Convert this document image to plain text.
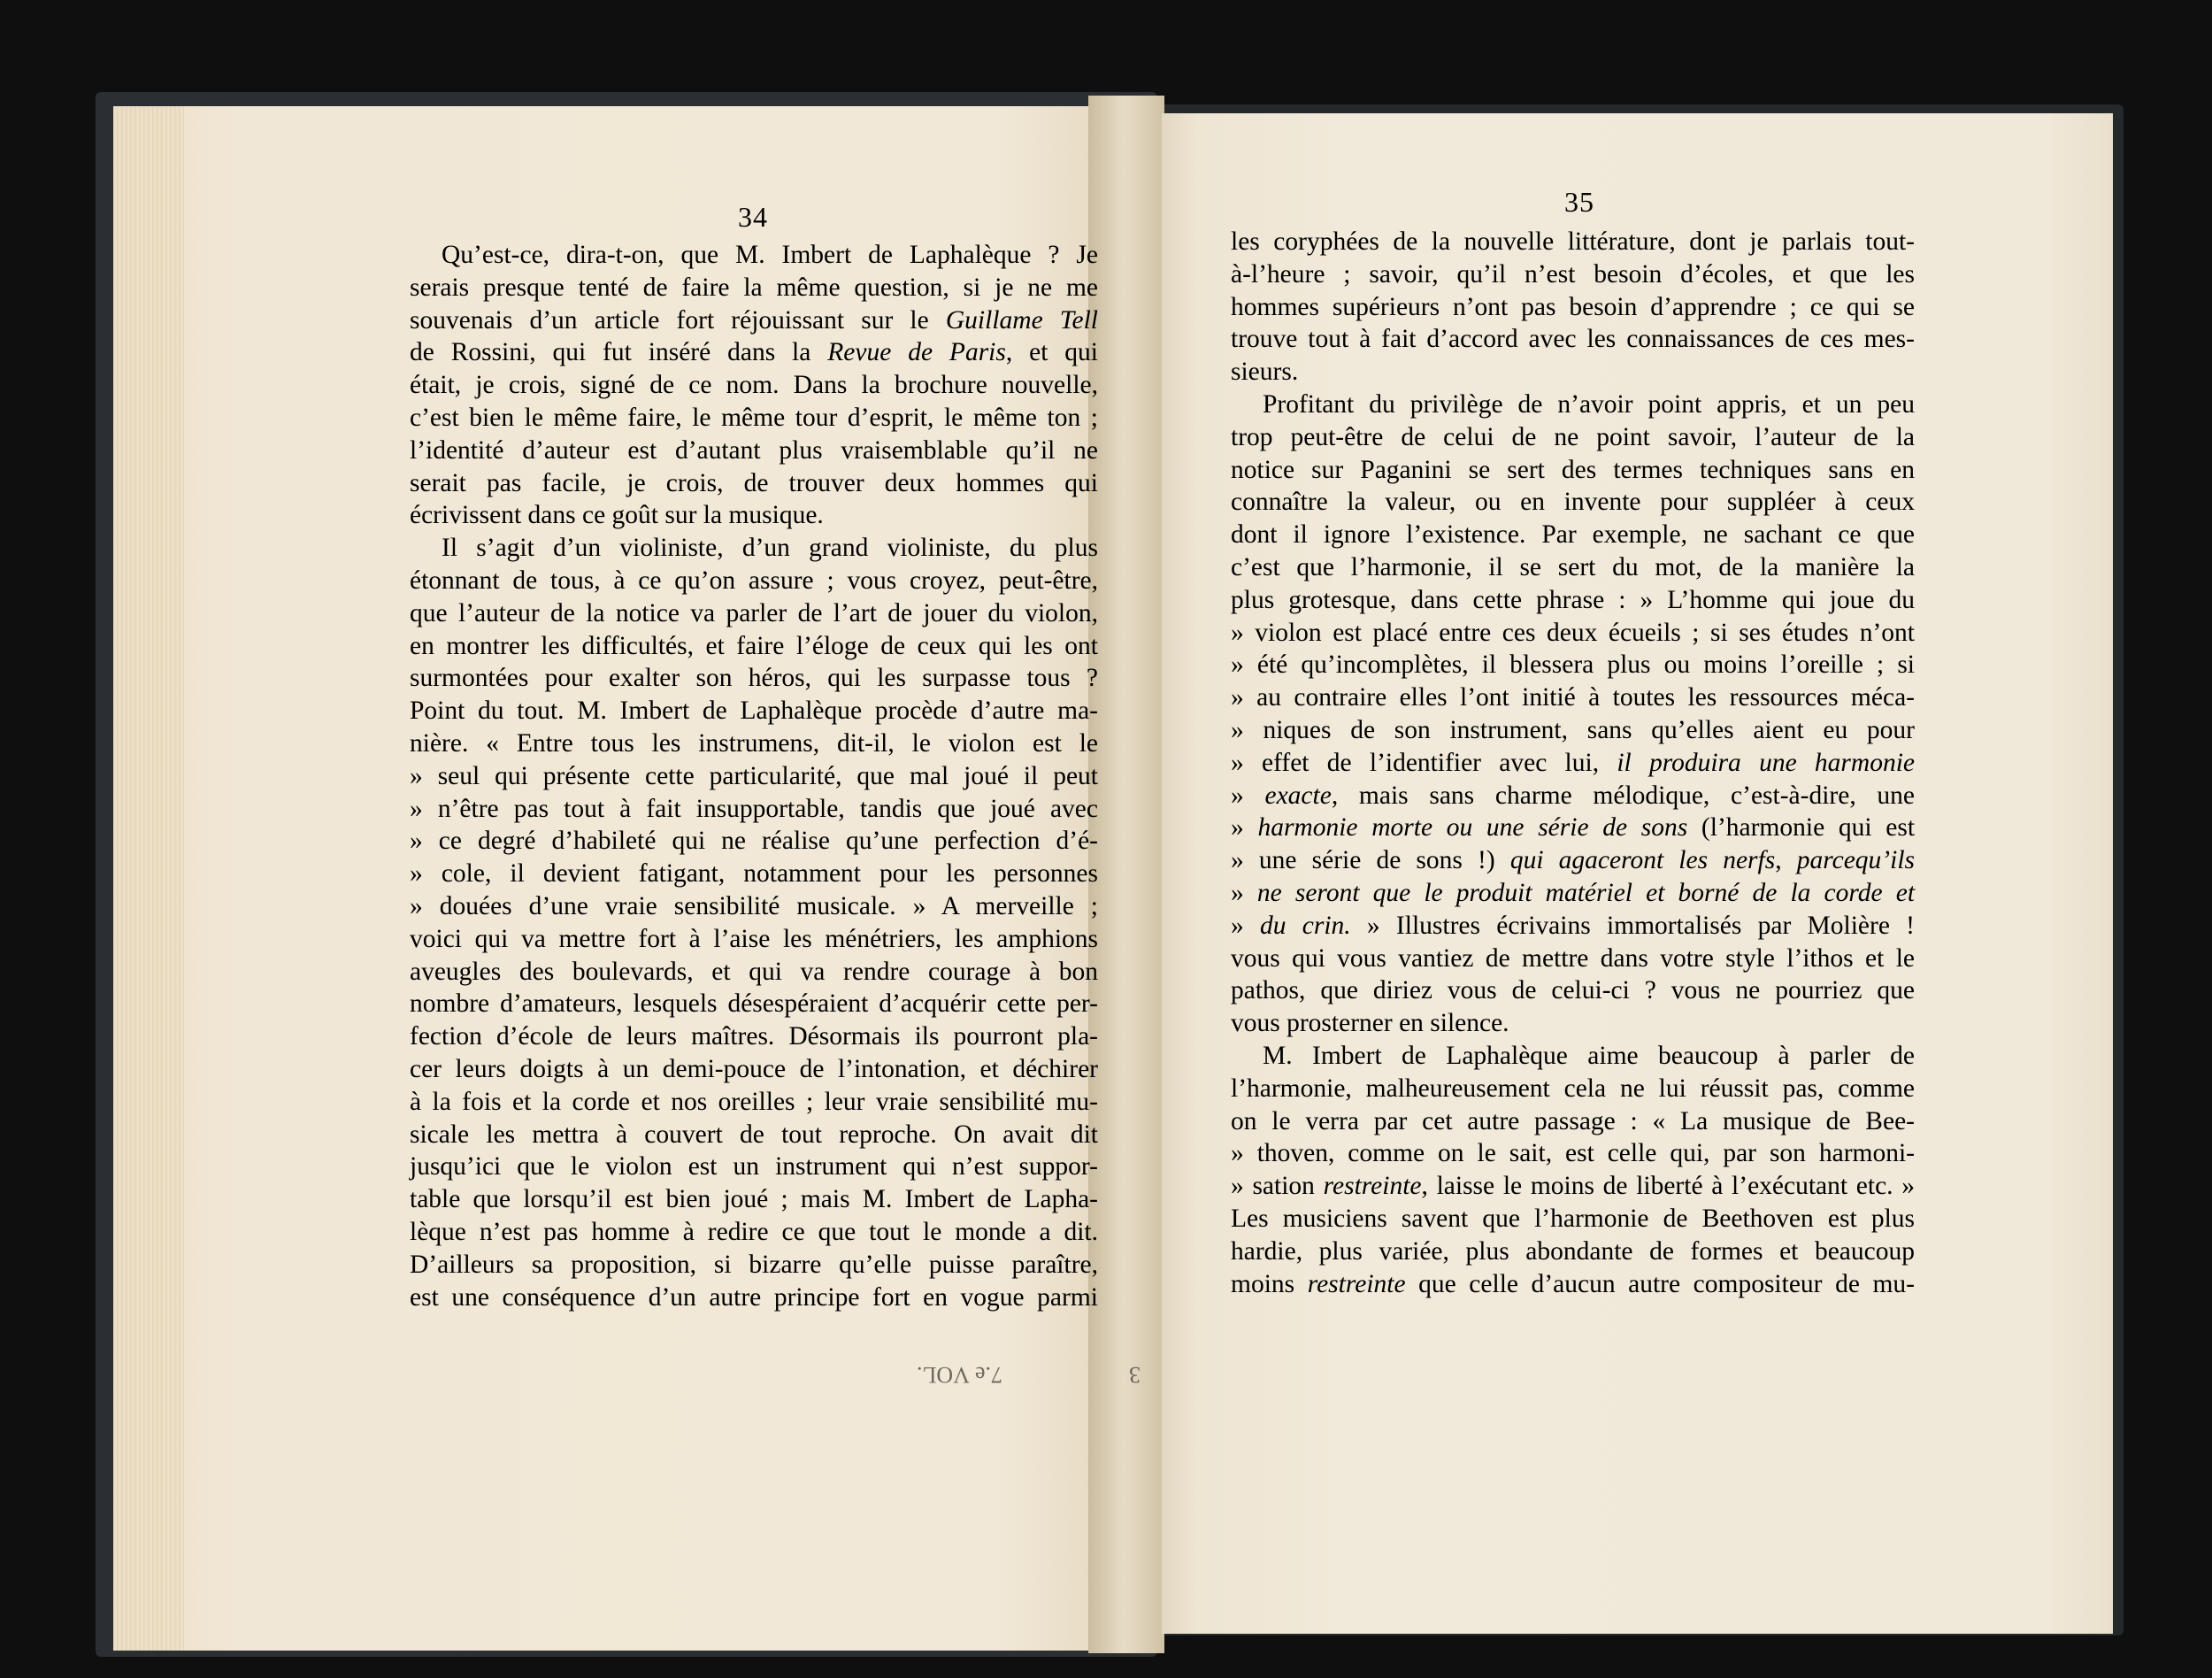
34	35
Qu’est-ce, dira-t-on, que M. Imbert de Laphalèque ? Je
serais presque tenté de faire la même question, si je ne me
souvenais d’un article fort réjouissant sur le Guillame Tell
de Rossini, qui fut inséré dans la Revue de Paris, et qui
était, je crois, signé de ce nom. Dans la brochure nouvelle,
c’est bien le même faire, le même tour d’esprit, le même ton ;
l’identité d’auteur est d’autant plus vraisemblable qu’il ne
serait pas facile, je crois, de trouver deux hommes qui
écrivissent dans ce goût sur la musique.
Il s’agit d’un violiniste, d’un grand violiniste, du plus
étonnant de tous, à ce qu’on assure ; vous croyez, peut-être,
que l’auteur de la notice va parler de l’art de jouer du violon,
en montrer les difficultés, et faire l’éloge de ceux qui les ont
surmontées pour exalter son héros, qui les surpasse tous ?
Point du tout. M. Imbert de Laphalèque procède d’autre ma-
nière. « Entre tous les instrumens, dit-il, le violon est le
» seul qui présente cette particularité, que mal joué il peut
» n’être pas tout à fait insupportable, tandis que joué avec
» ce degré d’habileté qui ne réalise qu’une perfection d’é-
» cole, il devient fatigant, notamment pour les personnes
» douées d’une vraie sensibilité musicale. » A merveille ;
voici qui va mettre fort à l’aise les ménétriers, les amphions
aveugles des boulevards, et qui va rendre courage à bon
nombre d’amateurs, lesquels désespéraient d’acquérir cette per-
fection d’école de leurs maîtres. Désormais ils pourront pla-
cer leurs doigts à un demi-pouce de l’intonation, et déchirer
à la fois et la corde et nos oreilles ; leur vraie sensibilité mu-
sicale les mettra à couvert de tout reproche. On avait dit
jusqu’ici que le violon est un instrument qui n’est suppor-
table que lorsqu’il est bien joué ; mais M. Imbert de Lapha-
lèque n’est pas homme à redire ce que tout le monde a dit.
D’ailleurs sa proposition, si bizarre qu’elle puisse paraître,
est une conséquence d’un autre principe fort en vogue parmi
les coryphées de la nouvelle littérature, dont je parlais tout-
à-l’heure ; savoir, qu’il n’est besoin d’écoles, et que les
hommes supérieurs n’ont pas besoin d’apprendre ; ce qui se
trouve tout à fait d’accord avec les connaissances de ces mes-
sieurs.
Profitant du privilège de n’avoir point appris, et un peu
trop peut-être de celui de ne point savoir, l’auteur de la
notice sur Paganini se sert des termes techniques sans en
connaître la valeur, ou en invente pour suppléer à ceux
dont il ignore l’existence. Par exemple, ne sachant ce que
c’est que l’harmonie, il se sert du mot, de la manière la
plus grotesque, dans cette phrase : » L’homme qui joue du
» violon est placé entre ces deux écueils ; si ses études n’ont
» été qu’incomplètes, il blessera plus ou moins l’oreille ; si
» au contraire elles l’ont initié à toutes les ressources méca-
» niques de son instrument, sans qu’elles aient eu pour
» effet de l’identifier avec lui, il produira une harmonie
» exacte, mais sans charme mélodique, c’est-à-dire, une
» harmonie morte ou une série de sons (l’harmonie qui est
» une série de sons !) qui agaceront les nerfs, parcequ’ils
» ne seront que le produit matériel et borné de la corde et
» du crin. » Illustres écrivains immortalisés par Molière !
vous qui vous vantiez de mettre dans votre style l’ithos et le
pathos, que diriez vous de celui-ci ? vous ne pourriez que
vous prosterner en silence.
M. Imbert de Laphalèque aime beaucoup à parler de
l’harmonie, malheureusement cela ne lui réussit pas, comme
on le verra par cet autre passage : « La musique de Bee-
» thoven, comme on le sait, est celle qui, par son harmoni-
» sation restreinte, laisse le moins de liberté à l’exécutant etc. »
Les musiciens savent que l’harmonie de Beethoven est plus
hardie, plus variée, plus abondante de formes et beaucoup
moins restreinte que celle d’aucun autre compositeur de mu-
3                      7.e VOL.
